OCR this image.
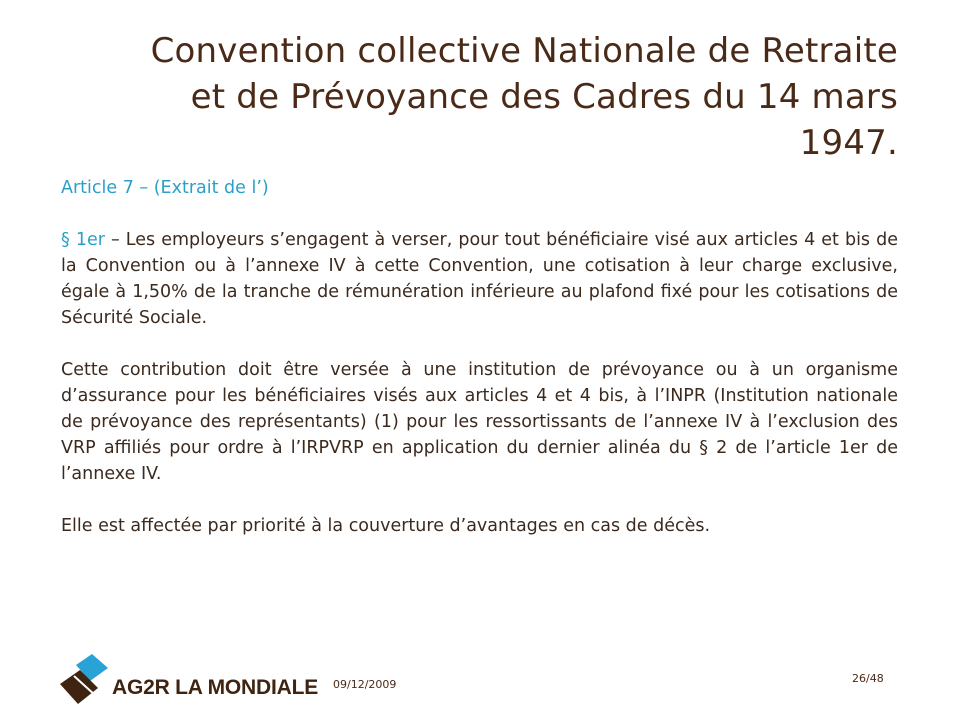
Convention collective Nationale de Retraite
et de Prévoyance des Cadres du 14 mars
1947.
Article 7 – (Extrait de l’)
§ 1er – Les employeurs s’engagent à verser, pour tout bénéficiaire visé aux articles 4 et bis de la Convention ou à l’annexe IV à cette Convention, une cotisation à leur charge exclusive, égale à 1,50% de la tranche de rémunération inférieure au plafond fixé pour les cotisations de Sécurité Sociale.
Cette contribution doit être versée à une institution de prévoyance ou à un organisme d’assurance pour les bénéficiaires visés aux articles 4 et 4 bis, à l’INPR (Institution nationale de prévoyance des représentants) (1) pour les ressortissants de l’annexe IV à l’exclusion des VRP affiliés pour ordre à l’IRPVRP en application du dernier alinéa du § 2 de l’article 1er de l’annexe IV.
Elle est affectée par priorité à la couverture d’avantages en cas de décès.
AG2R LA MONDIALE 09/12/2009	26/48
